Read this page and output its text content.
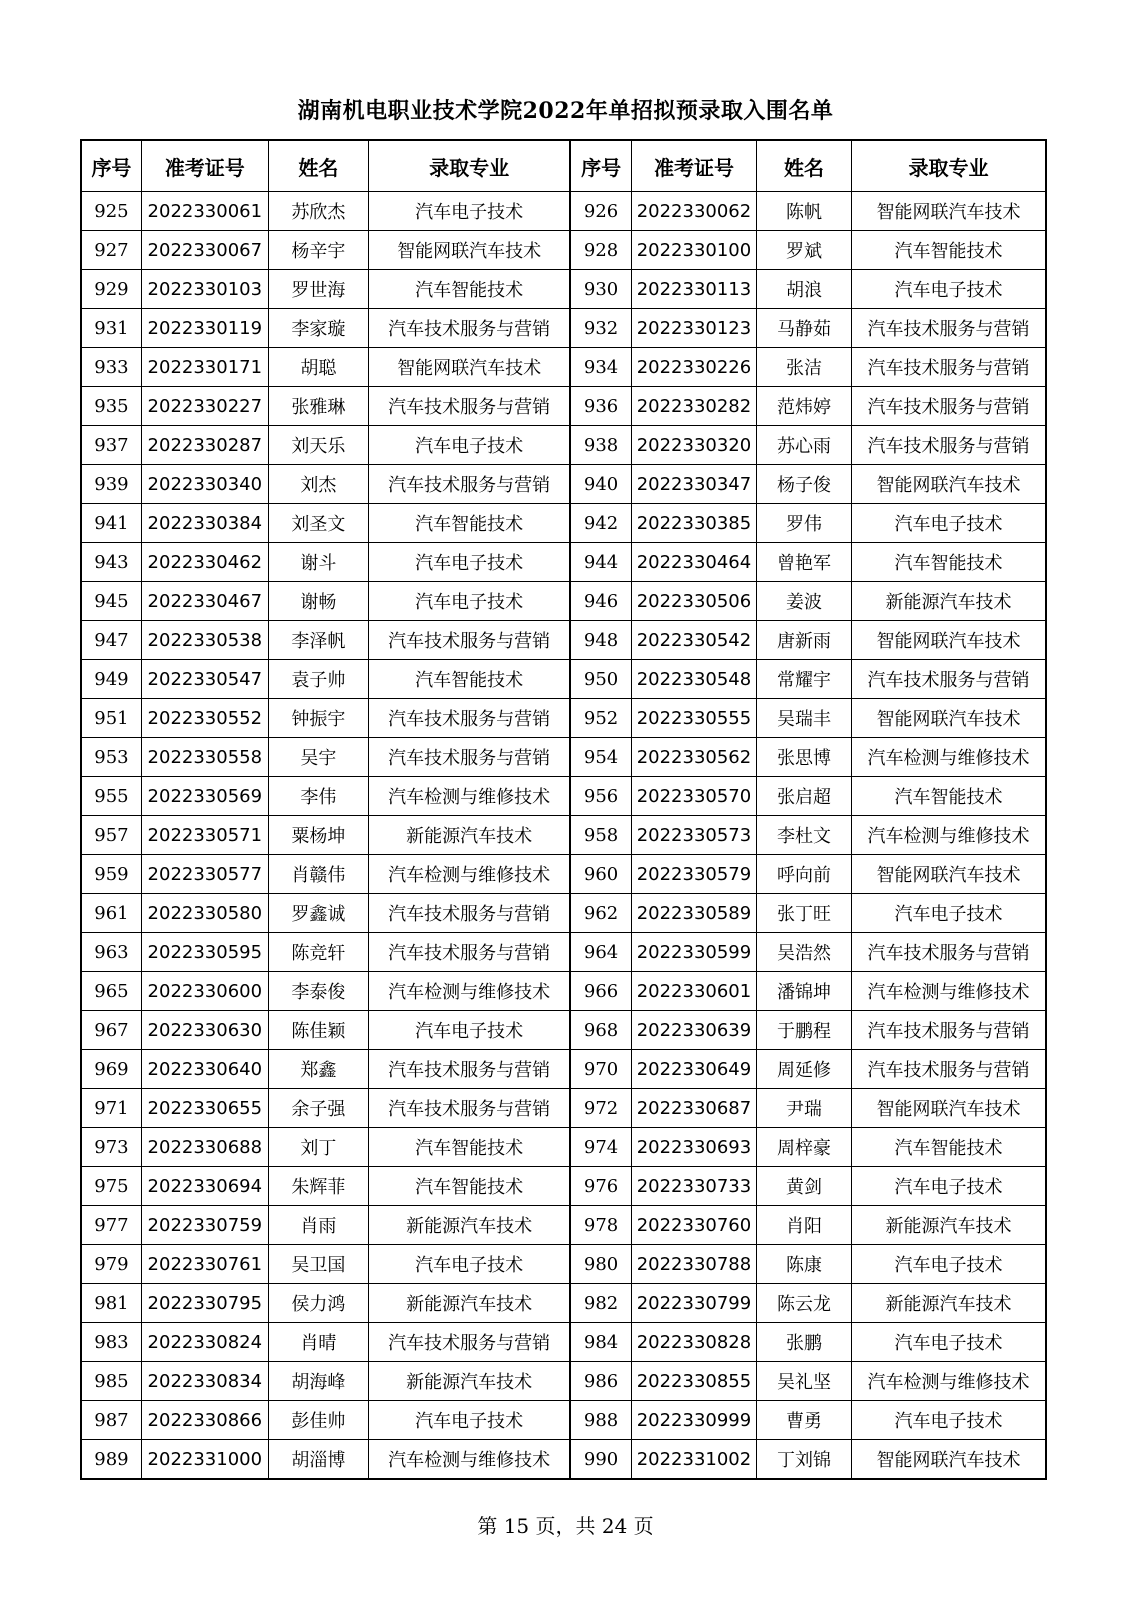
湖南机电职业技术学院2022年单招拟预录取入围名单
序号	准考证号	姓名	录取专业	序号	准考证号	姓名	录取专业
925	2022330061	苏欣杰	汽车电子技术	926	2022330062	陈帆	智能网联汽车技术
927	2022330067	杨辛宇	智能网联汽车技术	928	2022330100	罗斌	汽车智能技术
929	2022330103	罗世海	汽车智能技术	930	2022330113	胡浪	汽车电子技术
931	2022330119	李家璇	汽车技术服务与营销	932	2022330123	马静茹	汽车技术服务与营销
933	2022330171	胡聪	智能网联汽车技术	934	2022330226	张洁	汽车技术服务与营销
935	2022330227	张雅琳	汽车技术服务与营销	936	2022330282	范炜婷	汽车技术服务与营销
937	2022330287	刘天乐	汽车电子技术	938	2022330320	苏心雨	汽车技术服务与营销
939	2022330340	刘杰	汽车技术服务与营销	940	2022330347	杨子俊	智能网联汽车技术
941	2022330384	刘圣文	汽车智能技术	942	2022330385	罗伟	汽车电子技术
943	2022330462	谢斗	汽车电子技术	944	2022330464	曾艳军	汽车智能技术
945	2022330467	谢畅	汽车电子技术	946	2022330506	姜波	新能源汽车技术
947	2022330538	李泽帆	汽车技术服务与营销	948	2022330542	唐新雨	智能网联汽车技术
949	2022330547	袁子帅	汽车智能技术	950	2022330548	常耀宇	汽车技术服务与营销
951	2022330552	钟振宇	汽车技术服务与营销	952	2022330555	吴瑞丰	智能网联汽车技术
953	2022330558	吴宇	汽车技术服务与营销	954	2022330562	张思博	汽车检测与维修技术
955	2022330569	李伟	汽车检测与维修技术	956	2022330570	张启超	汽车智能技术
957	2022330571	粟杨坤	新能源汽车技术	958	2022330573	李杜文	汽车检测与维修技术
959	2022330577	肖赣伟	汽车检测与维修技术	960	2022330579	呼向前	智能网联汽车技术
961	2022330580	罗鑫诚	汽车技术服务与营销	962	2022330589	张丁旺	汽车电子技术
963	2022330595	陈竞轩	汽车技术服务与营销	964	2022330599	吴浩然	汽车技术服务与营销
965	2022330600	李泰俊	汽车检测与维修技术	966	2022330601	潘锦坤	汽车检测与维修技术
967	2022330630	陈佳颖	汽车电子技术	968	2022330639	于鹏程	汽车技术服务与营销
969	2022330640	郑鑫	汽车技术服务与营销	970	2022330649	周延修	汽车技术服务与营销
971	2022330655	余子强	汽车技术服务与营销	972	2022330687	尹瑞	智能网联汽车技术
973	2022330688	刘丁	汽车智能技术	974	2022330693	周梓豪	汽车智能技术
975	2022330694	朱辉菲	汽车智能技术	976	2022330733	黄剑	汽车电子技术
977	2022330759	肖雨	新能源汽车技术	978	2022330760	肖阳	新能源汽车技术
979	2022330761	吴卫国	汽车电子技术	980	2022330788	陈康	汽车电子技术
981	2022330795	侯力鸿	新能源汽车技术	982	2022330799	陈云龙	新能源汽车技术
983	2022330824	肖晴	汽车技术服务与营销	984	2022330828	张鹏	汽车电子技术
985	2022330834	胡海峰	新能源汽车技术	986	2022330855	吴礼坚	汽车检测与维修技术
987	2022330866	彭佳帅	汽车电子技术	988	2022330999	曹勇	汽车电子技术
989	2022331000	胡淄博	汽车检测与维修技术	990	2022331002	丁刘锦	智能网联汽车技术
第 15 页，共 24 页
